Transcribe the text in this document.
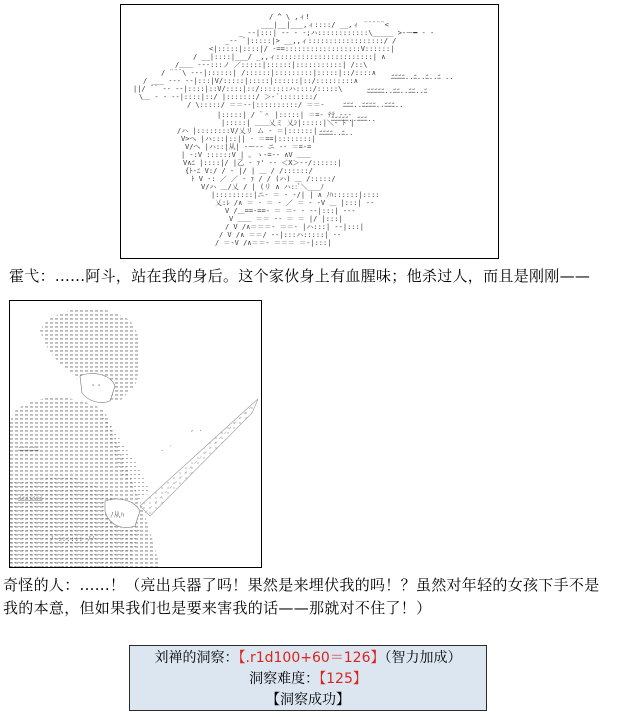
/ ^ \ ,ィ!
___|__|___,ィ::::/ __,ィ ¨¨¨¨¨<
_ -‐|:::| -‐ ‐ ‐;ハ::::::::::::\_____ >‐ー━ ‐ ‐
_-‐ ¨|:::::|> __,,ィ::::::::::::::::::/ /
<|:::::|::::|/ ‐==::::::::::::::::::V::::::|
/ __|::::|___/ _,,ィ:::::::::::::::::::::::| ∧
/＿＿ ‐‐‐:::ノ ／:::::|::::::|:::::::::::| /::\
/ ¨¨¨\ ‐‐‐|::::::| /::::::|:::::::::|:::::|::/::::∧
/ ___ ‐‐‐ ‐‐|:::|V/:::::|:::::|::::::|::/:::::::::∧
||/ ¨¨ ‐‐ ‐‐|::::|::V/::::|::/:::::::ハ::::/:::::\
\＿ ‐ ‐ ‐‐|::::|::/ |:::::::/ ＞‐´::::::::/
/ \:::::/ ＝＝‐‐|::::::::::/ ＝＝‐
ﾆﾆﾆﾆ..ﾆ..ﾆ..ﾆ ..
ﾆﾆﾆﾆﾆ..ﾆﾆ..ﾆﾆ..ﾆ
ﾆﾆﾆ..ﾆﾆﾆﾆ..ﾆﾆﾆ..
ﾆﾆﾆﾆﾆ..ﾆﾆﾆ..
ﾆﾆﾆﾆ..ﾆ..
|:::::| / ¨＾ |:::::| ＝=‐ ﾃﾃ ‐‐‐
|:::::| ＿＿乂ミ 乂ｼ|:::::|＼‐ ﾄ |
/ハ |::::::::V/乂リ ム ‐ ＝|::::::|
V>へ |ハ:::|::|| ‐ ＝==|::::::::|
V/へ |ハ::|从| ‐ー‐‐ ニ ‐‐ ＝=‐=
| ‐:V ::::::V | ｡ ゝ‐=‐‐ ∧V ＿＿
V∧ﾆ |::::|/ |乙 ‐ ｧ' ‐‐ ＜X＞‐‐/::::::|
{ﾄ‐ﾆ V:/ / ‐ |/ | ＿ / /::::::/
ﾄ V ‐: ／ ／ ‐ ｧ / / (ハ) ＿ /:::::/
V/ハ ＿/乂 / | (リ ∧ ハ::ﾞ＼___ﾉ
|:::::::::|ニ‐ ＝ ‐ ‐/| | ∧ ﾉﾊ::::::|::::
乂:ﾚ /∧ ＝ ‐ ＝ ‐ ／ ＝ ‐ ‐V ＿ |:::| ‐‐
V /＿==‐==‐ ＝ ＝‐ ‐ ‐‐|:::| ‐‐‐
V ＿＿ ＝＝ ‐‐ ＝ ＝ |/ |:::|
/ V /∧＝＝＝‐ ＝＝‐ |ハ:::| ‐‐|:::|
/ V /∧ ＝＝/ ‐‐|:::ハ:::::| ‐‐
/ ＝‐V /∧＝＝‐ ＝＝＝ ＝‐|:::|
霍弋：......阿斗，站在我的身后。这个家伙身上有血腥味；他杀过人，而且是刚刚——
ﾟ ﾟ
ﾉ从ﾊ
ﾆﾆﾆﾆﾆﾆ
ﾆﾆﾆﾆﾆﾆﾆ
ﾉ :::::: ﾉﾉ
. ´
, .
奇怪的人：......！（亮出兵器了吗！果然是来埋伏我的吗！？虽然对年轻的女孩下手不是
我的本意，但如果我们也是要来害我的话——那就对不住了！）
刘禅的洞察：【.r1d100+60＝126】（智力加成）
洞察难度：【125】
【洞察成功】
